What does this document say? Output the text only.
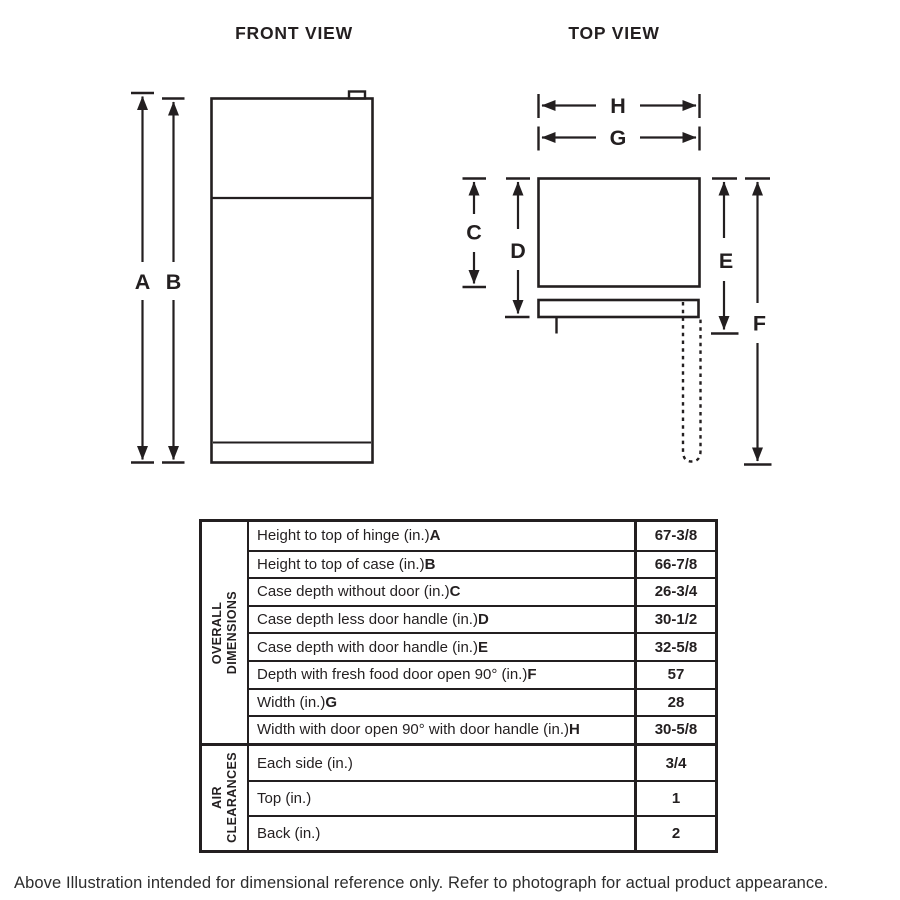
FRONT VIEW
A B
TOP VIEW
H
G
C
D	E
F
OVERALL DIMENSIONS
Height to top of hinge (in.) A	67-3/8
Height to top of case (in.) B	66-7/8
Case depth without door (in.) C	26-3/4
Case depth less door handle (in.) D	30-1/2
Case depth with door handle (in.) E	32-5/8
Depth with fresh food door open 90° (in.) F	57
Width (in.) G	28
Width with door open 90° with door handle (in.) H	30-5/8
AIR CLEARANCES Each side (in.)	3/4
Top (in.)	1
Back (in.)	2
Above Illustration intended for dimensional reference only. Refer to photograph for actual product appearance.
